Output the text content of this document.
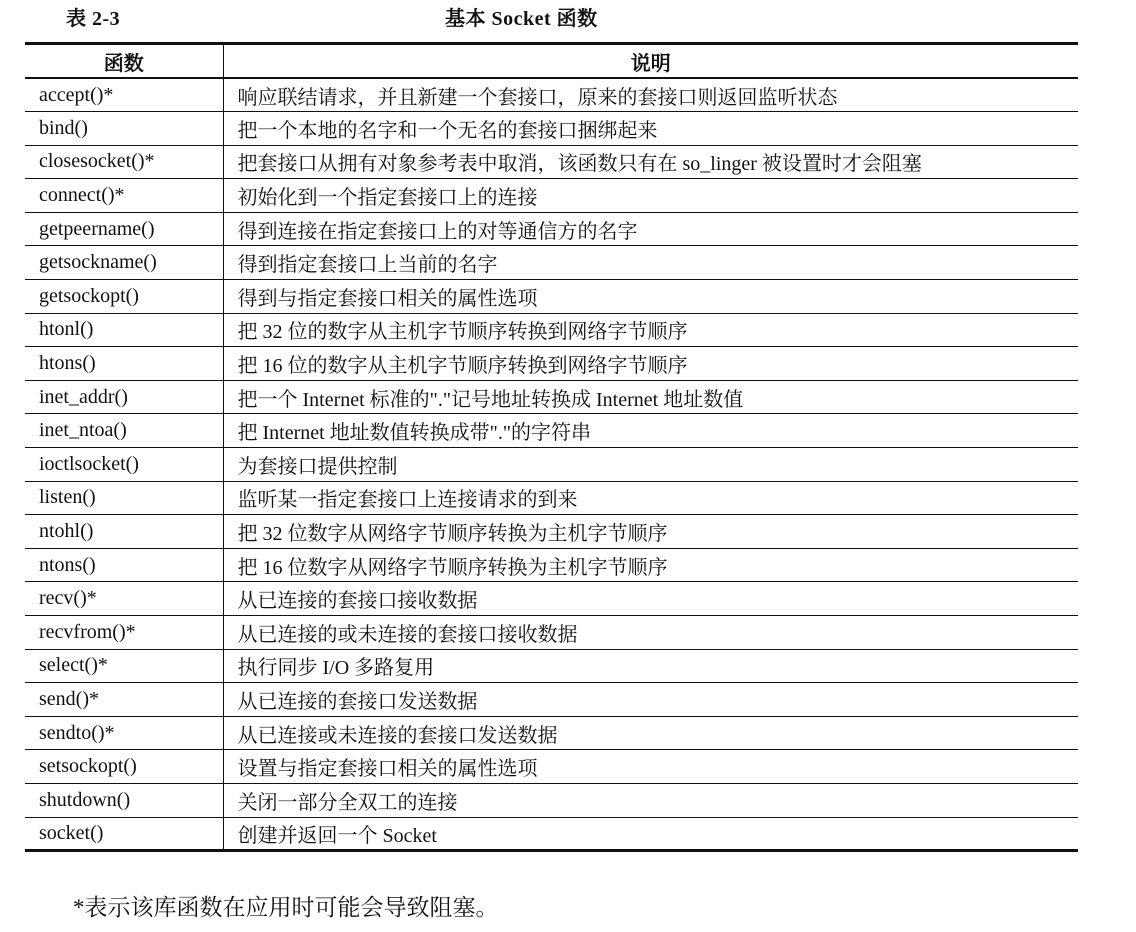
表 2-3	基本 Socket 函数
函数	说明
accept()*	响应联结请求，并且新建一个套接口，原来的套接口则返回监听状态
bind()	把一个本地的名字和一个无名的套接口捆绑起来
closesocket()*	把套接口从拥有对象参考表中取消，该函数只有在 so_linger 被设置时才会阻塞
connect()*	初始化到一个指定套接口上的连接
getpeername()	得到连接在指定套接口上的对等通信方的名字
getsockname()	得到指定套接口上当前的名字
getsockopt()	得到与指定套接口相关的属性选项
htonl()	把 32 位的数字从主机字节顺序转换到网络字节顺序
htons()	把 16 位的数字从主机字节顺序转换到网络字节顺序
inet_addr()	把一个 Internet 标准的"."记号地址转换成 Internet 地址数值
inet_ntoa()	把 Internet 地址数值转换成带"."的字符串
ioctlsocket()	为套接口提供控制
listen()	监听某一指定套接口上连接请求的到来
ntohl()	把 32 位数字从网络字节顺序转换为主机字节顺序
ntons()	把 16 位数字从网络字节顺序转换为主机字节顺序
recv()*	从已连接的套接口接收数据
recvfrom()*	从已连接的或未连接的套接口接收数据
select()*	执行同步 I/O 多路复用
send()*	从已连接的套接口发送数据
sendto()*	从已连接或未连接的套接口发送数据
setsockopt()	设置与指定套接口相关的属性选项
shutdown()	关闭一部分全双工的连接
socket()	创建并返回一个 Socket
*表示该库函数在应用时可能会导致阻塞。
